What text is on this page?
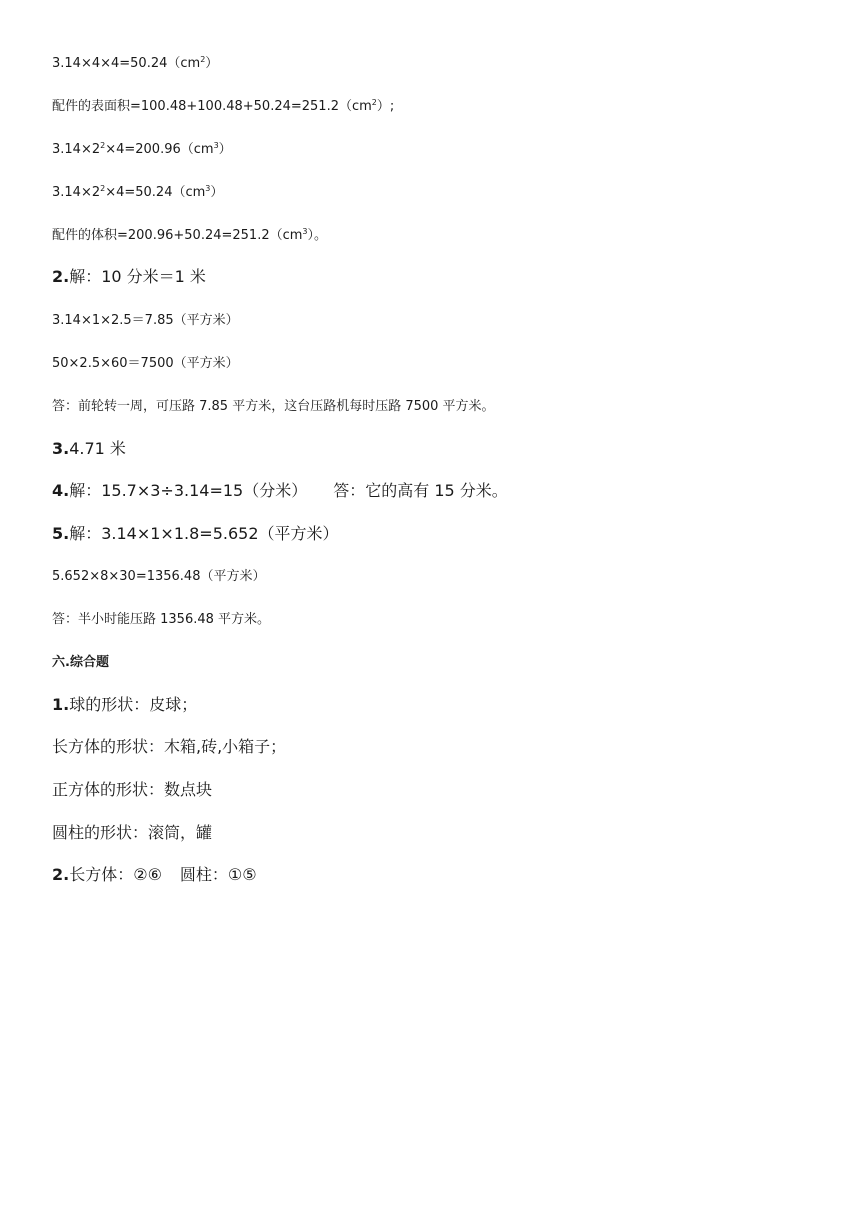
$3.14\times 4\times 4=50.24(cm^2)$
配件的表面积$=100.48+100.48+50.24=251.2(cm^2)$;
$3.14\times 2^2\times 4=200.96(cm^3)$
$3.14\times 2^2\times 4=50.24(cm^3)$
配件的体积$=200.96+50.24=251.2(cm^3)$。
2.解：10 分米＝1 米
3.14×1×2.5＝7.85（平方米）
50×2.5×60＝7500（平方米）
答：前轮转一周，可压路 7.85 平方米，这台压路机每时压路 7500 平方米。
3.4.71 米
4.解：15.7×3÷3.14=15（分米） 答：它的高有 15 分米。
5.解：3.14×1×1.8=5.652（平方米）
5.652×8×30=1356.48（平方米）
答：半小时能压路 1356.48 平方米。
六.综合题
1.球的形状：皮球；
长方体的形状：木箱,砖,小箱子；
正方体的形状：数点块
圆柱的形状：滚筒，罐
2.长方体：②⑥ 圆柱：①⑤
